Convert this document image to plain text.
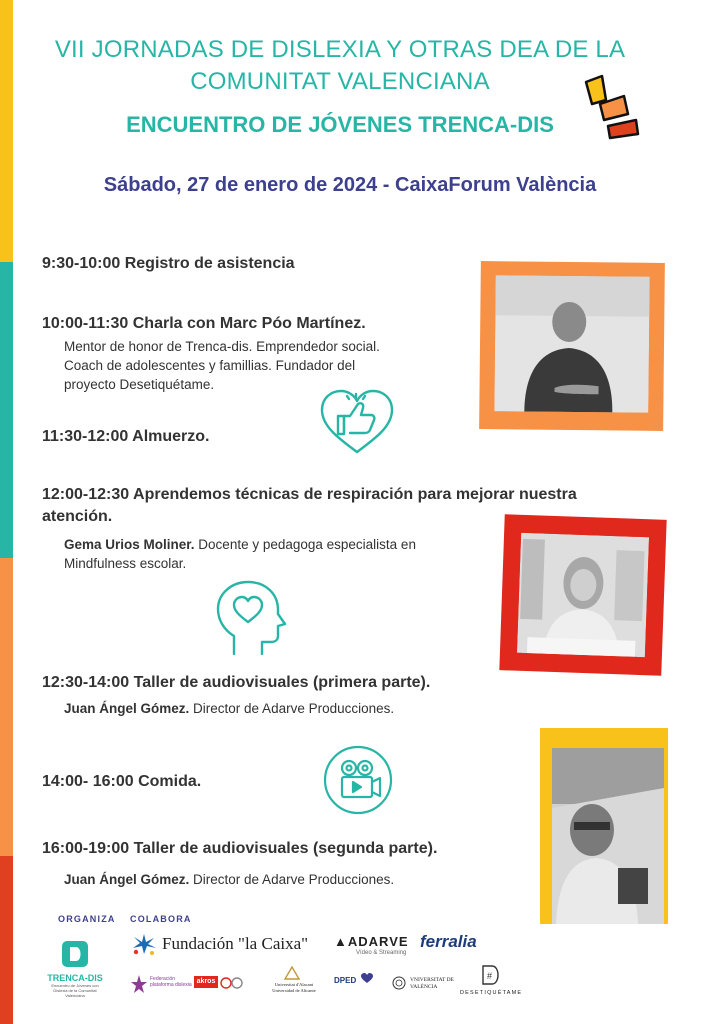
VII JORNADAS DE DISLEXIA Y OTRAS DEA DE LA
COMUNITAT VALENCIANA
ENCUENTRO DE JÓVENES TRENCA-DIS
Sábado, 27 de enero de 2024 - CaixaForum València
9:30-10:00 Registro de asistencia
10:00-11:30 Charla con Marc Póo Martínez.
Mentor de honor de Trenca-dis. Emprendedor social. Coach de adolescentes y famillias. Fundador del proyecto Desetiquétame.
11:30-12:00 Almuerzo.
12:00-12:30 Aprendemos técnicas de respiración para mejorar nuestra
atención.
Gema Urios Moliner. Docente y pedagoga especialista en Mindfulness escolar.
12:30-14:00 Taller de audiovisuales (primera parte).
Juan Ángel Gómez. Director de Adarve Producciones.
14:00- 16:00 Comida.
16:00-19:00 Taller de audiovisuales (segunda parte).
Juan Ángel Gómez. Director de Adarve Producciones.
ORGANIZA COLABORA
TRENCA-DIS
Encuentro de Jóvenes con Dislexia de la Comunitat Valenciana
Fundación "la Caixa" ▲ADARVE
Vídeo & Streaming
ferralia
Federación plataforma dislexia akros	Universitat d'Alacant Universidad de Alicante
DPED	VNIVERSITAT DE VALÈNCIA
#
DESETIQUÉTAME
